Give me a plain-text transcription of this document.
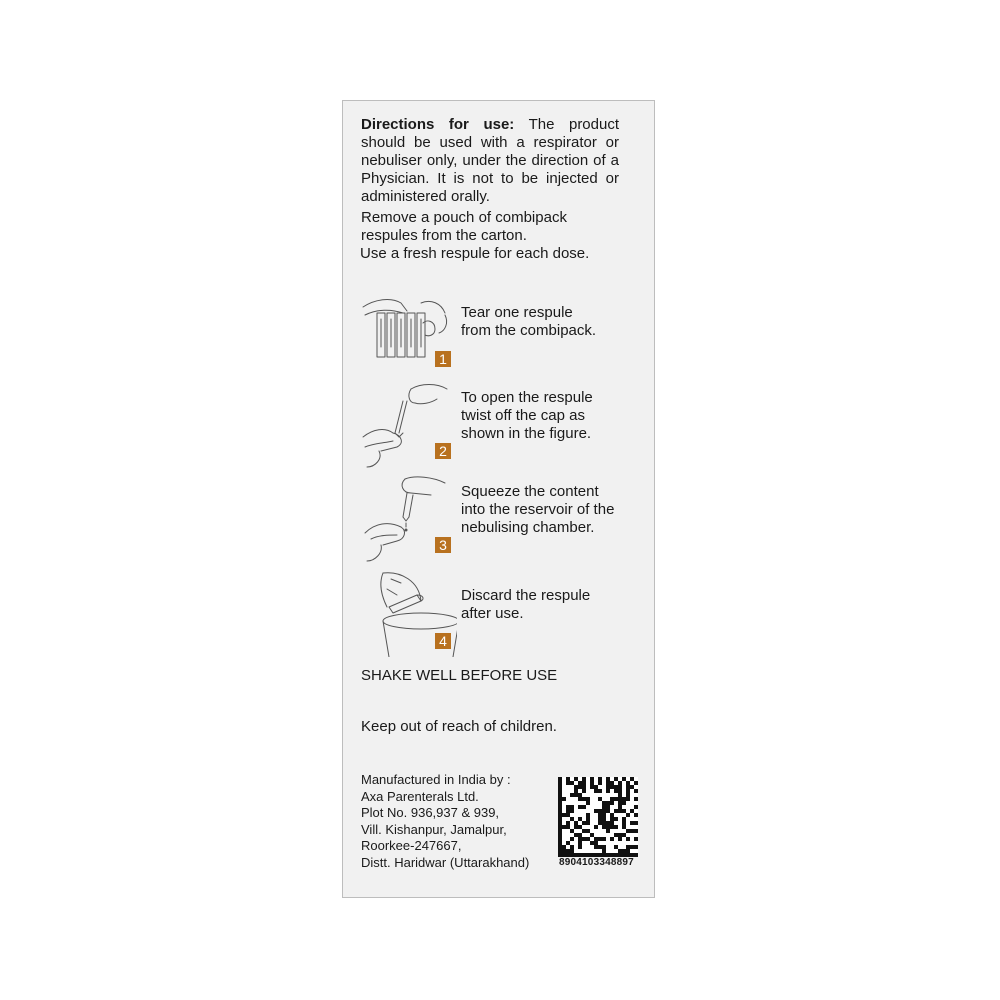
Directions for use: The product should be used with a respirator or nebuliser only, under the direction of a Physician. It is not to be injected or administered orally.

Remove a pouch of combipack respules from the carton.

Use a fresh respule for each dose.

1
Tear one respule
from the combipack.
2
To open the respule
twist off the cap as
shown in the figure.
3
Squeeze the content
into the reservoir of the
nebulising chamber.
4
Discard the respule
after use.
SHAKE WELL BEFORE USE
Keep out of reach of children.
Manufactured in India by :
Axa Parenterals Ltd.
Plot No. 936,937 & 939,
Vill. Kishanpur, Jamalpur,
Roorkee-247667,
Distt. Haridwar (Uttarakhand)	8904103348897
